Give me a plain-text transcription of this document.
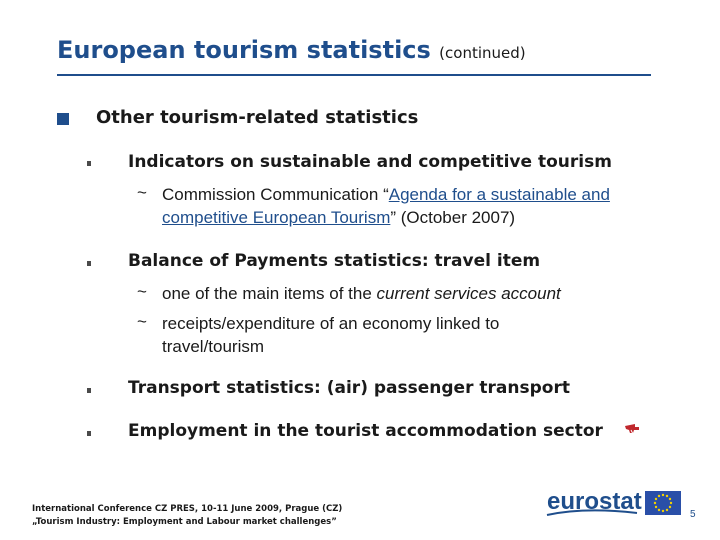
European tourism statistics (continued)
Other tourism-related statistics
Indicators on sustainable and competitive tourism
~ Commission Communication “Agenda for a sustainable and competitive European Tourism” (October 2007)
Balance of Payments statistics: travel item
~ one of the main items of the current services account
~ receipts/expenditure of an economy linked to travel/tourism
Transport statistics: (air) passenger transport
Employment in the tourist accommodation sector
International Conference CZ PRES, 10-11 June 2009, Prague (CZ)
„Tourism Industry: Employment and Labour market challenges”
eurostat	5
